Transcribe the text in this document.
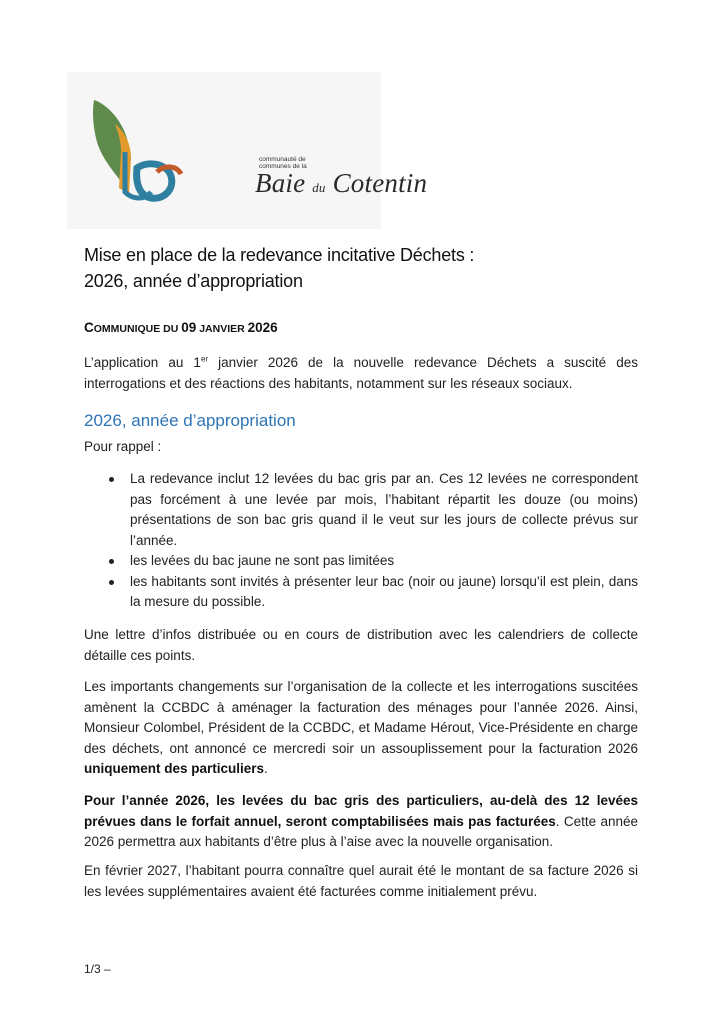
communauté de
communes de la
Baie du Cotentin
Mise en place de la redevance incitative Déchets :
2026, année d’appropriation
COMMUNIQUE DU 09 JANVIER 2026
L’application au 1er janvier 2026 de la nouvelle redevance Déchets a suscité des interrogations et des réactions des habitants, notamment sur les réseaux sociaux.
2026, année d’appropriation
Pour rappel :
La redevance inclut 12 levées du bac gris par an. Ces 12 levées ne correspondent pas forcément à une levée par mois, l’habitant répartit les douze (ou moins) présentations de son bac gris quand il le veut sur les jours de collecte prévus sur l’année.
les levées du bac jaune ne sont pas limitées
les habitants sont invités à présenter leur bac (noir ou jaune) lorsqu’il est plein, dans la mesure du possible.
Une lettre d’infos distribuée ou en cours de distribution avec les calendriers de collecte détaille ces points.
Les importants changements sur l’organisation de la collecte et les interrogations suscitées amènent la CCBDC à aménager la facturation des ménages pour l’année 2026. Ainsi, Monsieur Colombel, Président de la CCBDC, et Madame Hérout, Vice-Présidente en charge des déchets, ont annoncé ce mercredi soir un assouplissement pour la facturation 2026 uniquement des particuliers.
Pour l’année 2026, les levées du bac gris des particuliers, au-delà des 12 levées prévues dans le forfait annuel, seront comptabilisées mais pas facturées. Cette année 2026 permettra aux habitants d’être plus à l’aise avec la nouvelle organisation.
En février 2027, l’habitant pourra connaître quel aurait été le montant de sa facture 2026 si les levées supplémentaires avaient été facturées comme initialement prévu.
1/3 –
